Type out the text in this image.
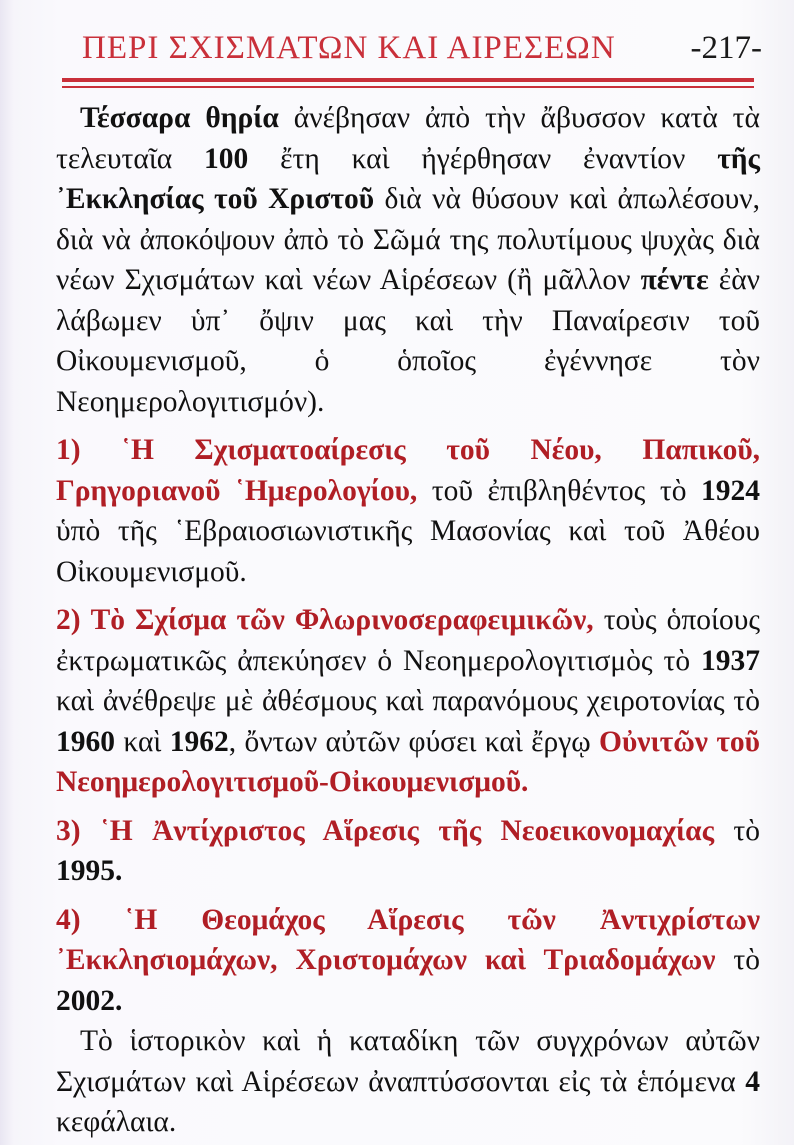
ΠΕΡΙ ΣΧΙΣΜΑΤΩΝ ΚΑΙ ΑΙΡΕΣΕΩΝ -217-

Τέσσαρα θηρία ἀνέβησαν ἀπὸ τὴν ἄβυσσον κατὰ τὰ τελευταῖα 100 ἔτη καὶ ἠγέρθησαν ἐναντίον τῆς ᾿Εκκλησίας τοῦ Χριστοῦ διὰ νὰ θύσουν καὶ ἀπωλέσουν, διὰ νὰ ἀποκόψουν ἀπὸ τὸ Σῶμά της πολυτίμους ψυχὰς διὰ νέων Σχισμάτων καὶ νέων Αἱρέσεων (ἢ μᾶλλον πέντε ἐὰν λάβωμεν ὑπ᾿ ὄψιν μας καὶ τὴν Παναίρεσιν τοῦ Οἰκουμενισμοῦ, ὁ ὁποῖος ἐγέννησε τὸν Νεοημερολογιτισμόν).

1) ῾Η Σχισματοαίρεσις τοῦ Νέου, Παπικοῦ, Γρηγοριανοῦ ῾Ημερολογίου, τοῦ ἐπιβληθέντος τὸ 1924 ὑπὸ τῆς ῾Εβραιοσιωνιστικῆς Μασονίας καὶ τοῦ Ἀθέου Οἰκουμενισμοῦ.

2) Τὸ Σχίσμα τῶν Φλωρινοσεραφειμικῶν, τοὺς ὁποίους ἐκτρωματικῶς ἀπεκύησεν ὁ Νεοημερολογιτισμὸς τὸ 1937 καὶ ἀνέθρεψε μὲ ἀθέσμους καὶ παρανόμους χειροτονίας τὸ 1960 καὶ 1962, ὄντων αὐτῶν φύσει καὶ ἔργῳ Οὐνιτῶν τοῦ Νεοημερολογιτισμοῦ-Οἰκουμενισμοῦ.

3) ῾Η Ἀντίχριστος Αἵρεσις τῆς Νεοεικονομαχίας τὸ 1995.

4) ῾Η Θεομάχος Αἵρεσις τῶν Ἀντιχρίστων ᾿Εκκλησιομάχων, Χριστομάχων καὶ Τριαδομάχων τὸ 2002.

Τὸ ἱστορικὸν καὶ ἡ καταδίκη τῶν συγχρόνων αὐτῶν Σχισμάτων καὶ Αἱρέσεων ἀναπτύσσονται εἰς τὰ ἑπόμενα 4 κεφάλαια.
